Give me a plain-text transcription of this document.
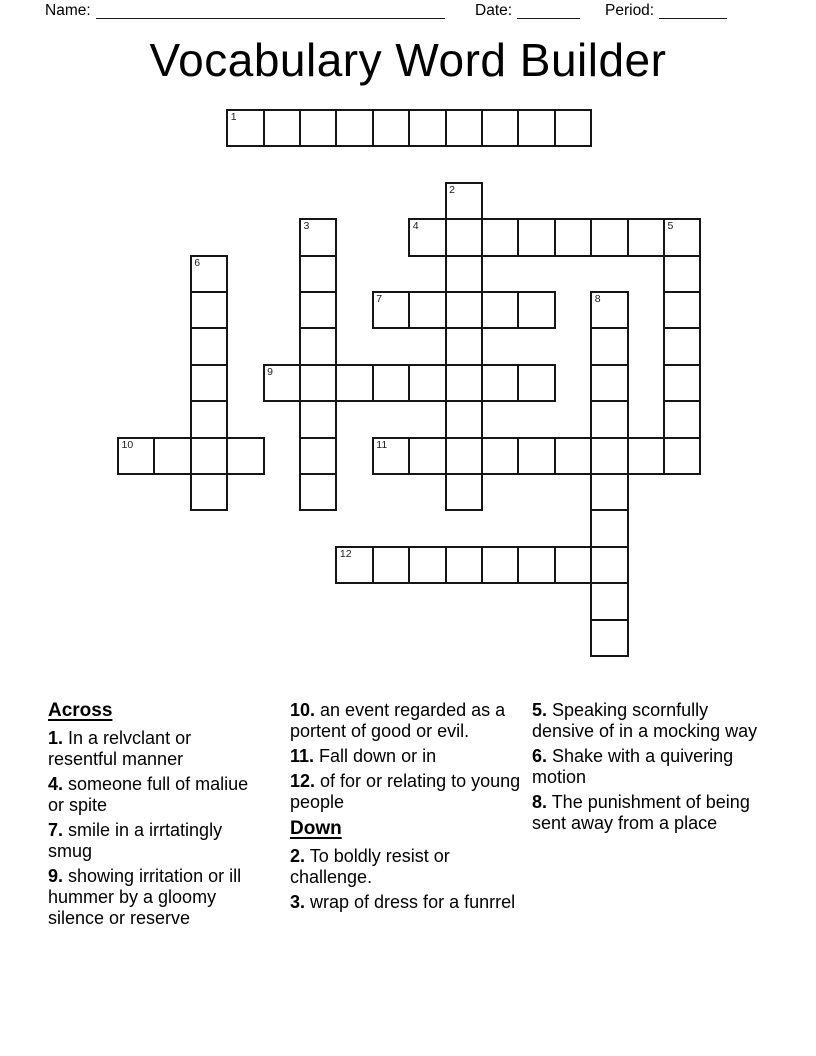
Name:	Date:	Period:
Vocabulary Word Builder
1
2
3	4	5
6
7	8
9
10	11
12

Across

1. In a relvclant or resentful manner

4. someone full of maliue or spite

7. smile in a irrtatingly smug

9. showing irritation or ill hummer by a gloomy silence or reserve

10. an event regarded as a portent of good or evil.

11. Fall down or in

12. of for or relating to young people

Down

2. To boldly resist or challenge.

3. wrap of dress for a funrrel

5. Speaking scornfully densive of in a mocking way

6. Shake with a quivering motion

8. The punishment of being sent away from a place
